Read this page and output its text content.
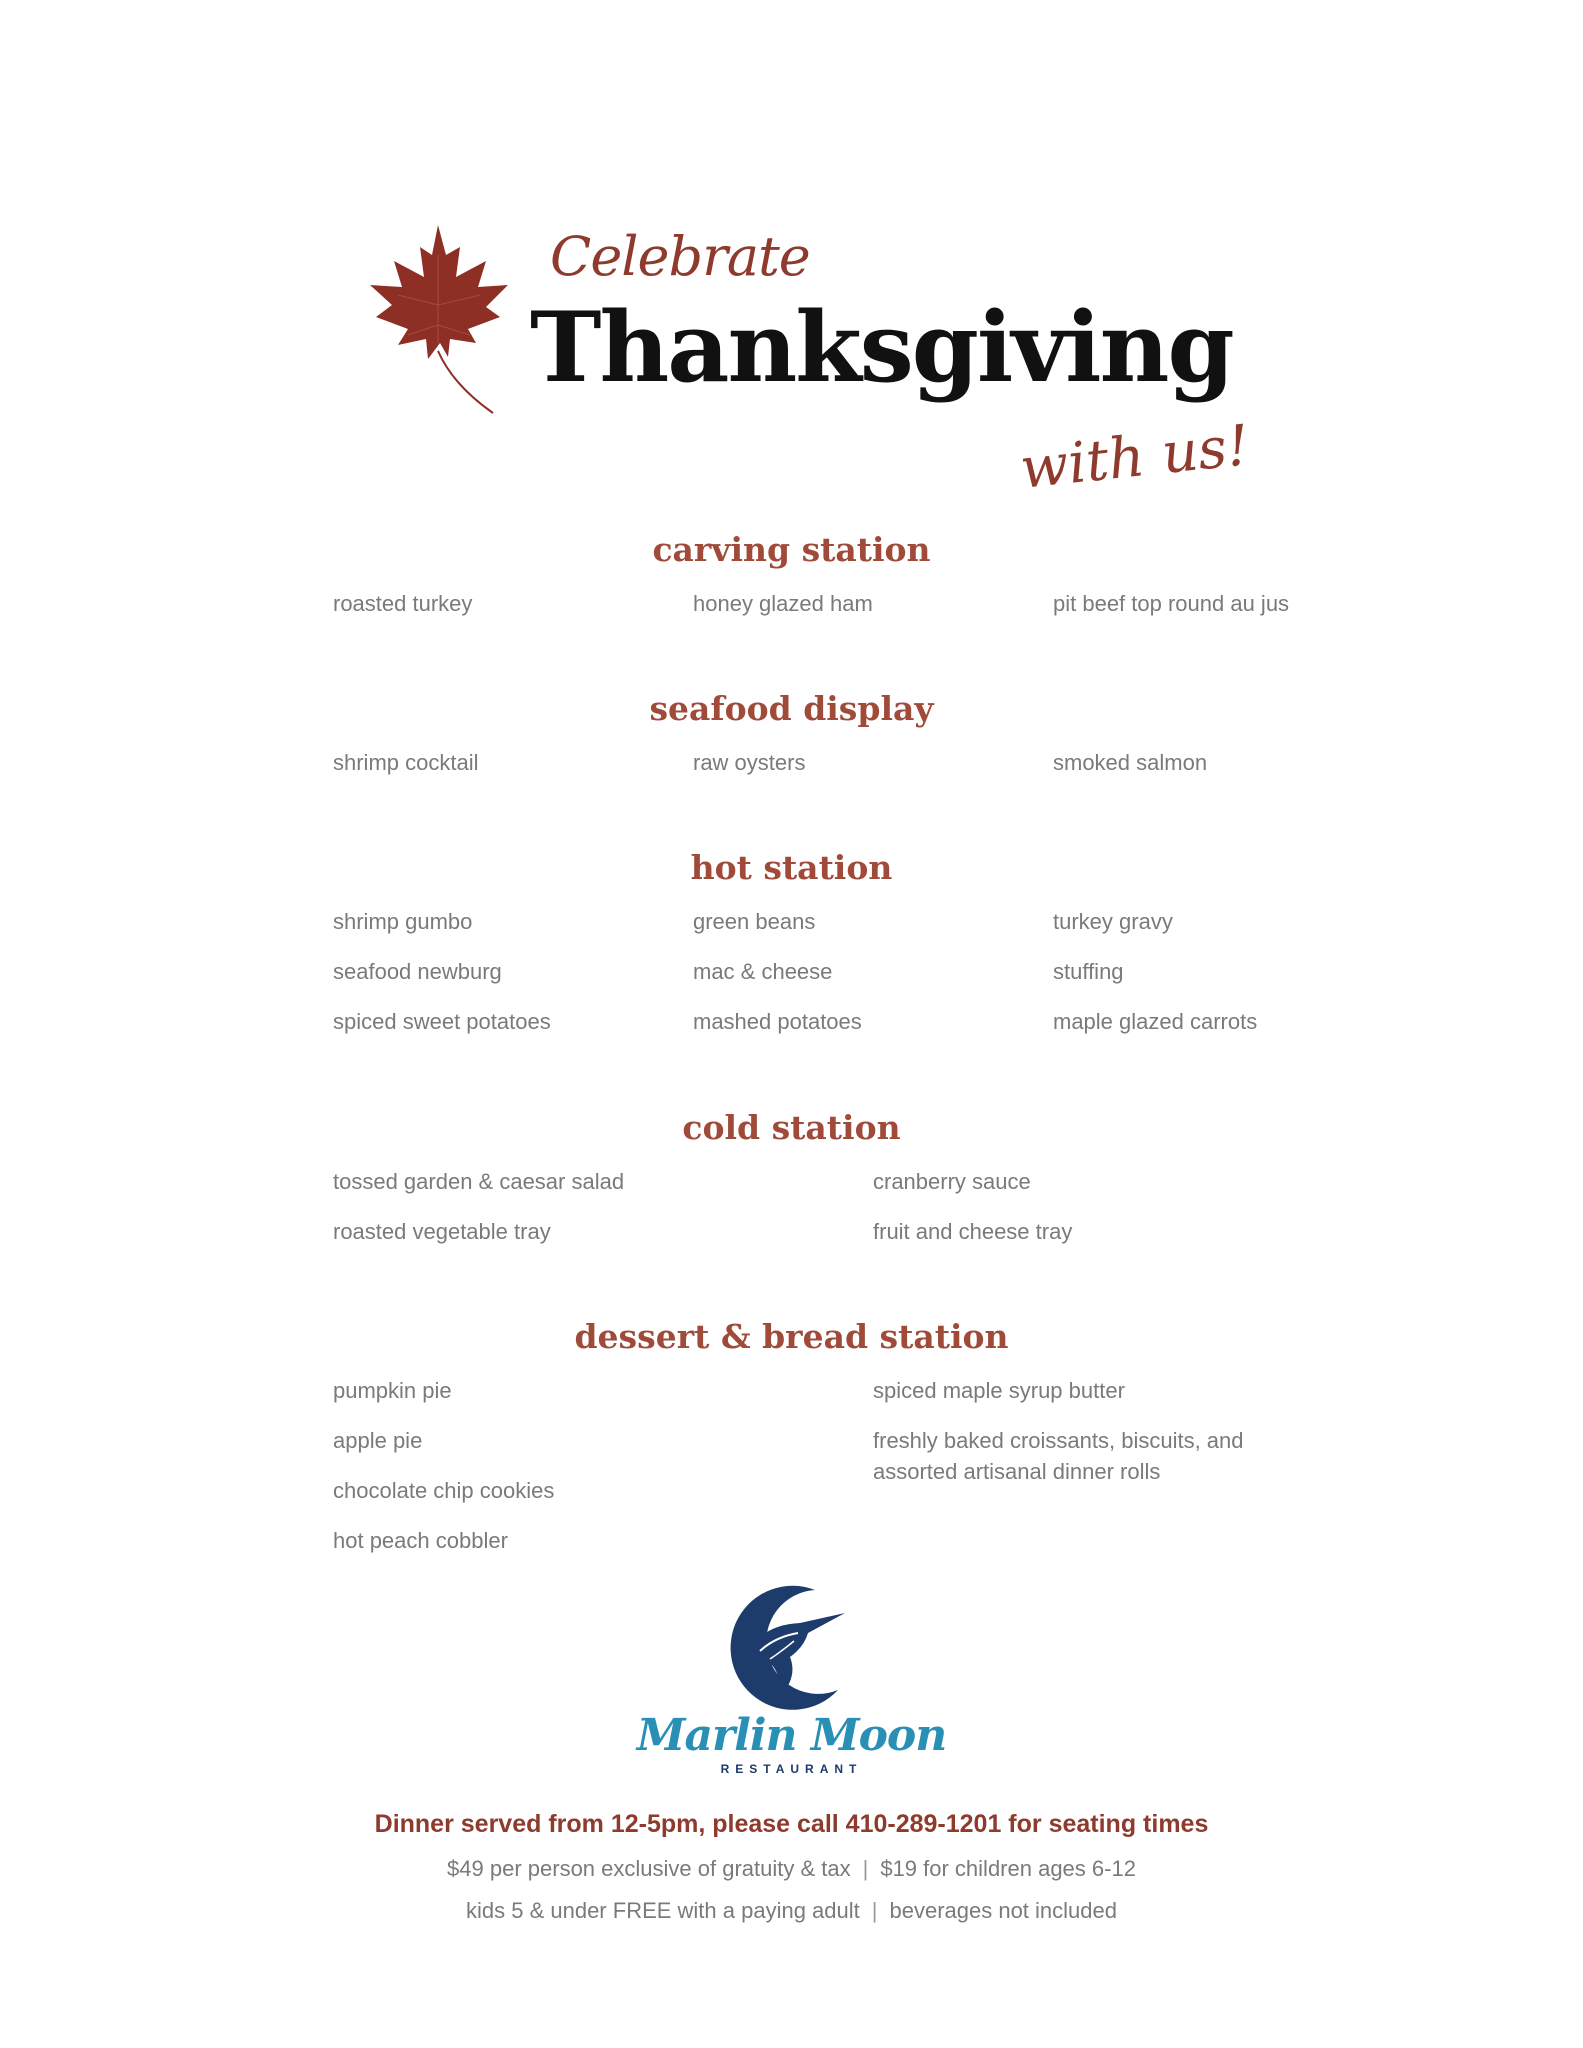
Celebrate
Thanksgiving
with us!
carving station
roasted turkey	honey glazed ham	pit beef top round au jus
seafood display
shrimp cocktail	raw oysters	smoked salmon
hot station
shrimp gumbo	green beans	turkey gravy
seafood newburg	mac & cheese	stuffing
spiced sweet potatoes	mashed potatoes	maple glazed carrots
cold station
tossed garden & caesar salad	cranberry sauce
roasted vegetable tray	fruit and cheese tray
dessert & bread station
pumpkin pie	spiced maple syrup butter
apple pie	freshly baked croissants, biscuits, and
assorted artisanal dinner rolls
chocolate chip cookies
hot peach cobbler
Marlin Moon
RESTAURANT
Dinner served from 12-5pm, please call 410-289-1201 for seating times
$49 per person exclusive of gratuity & tax | $19 for children ages 6-12
kids 5 & under FREE with a paying adult | beverages not included
